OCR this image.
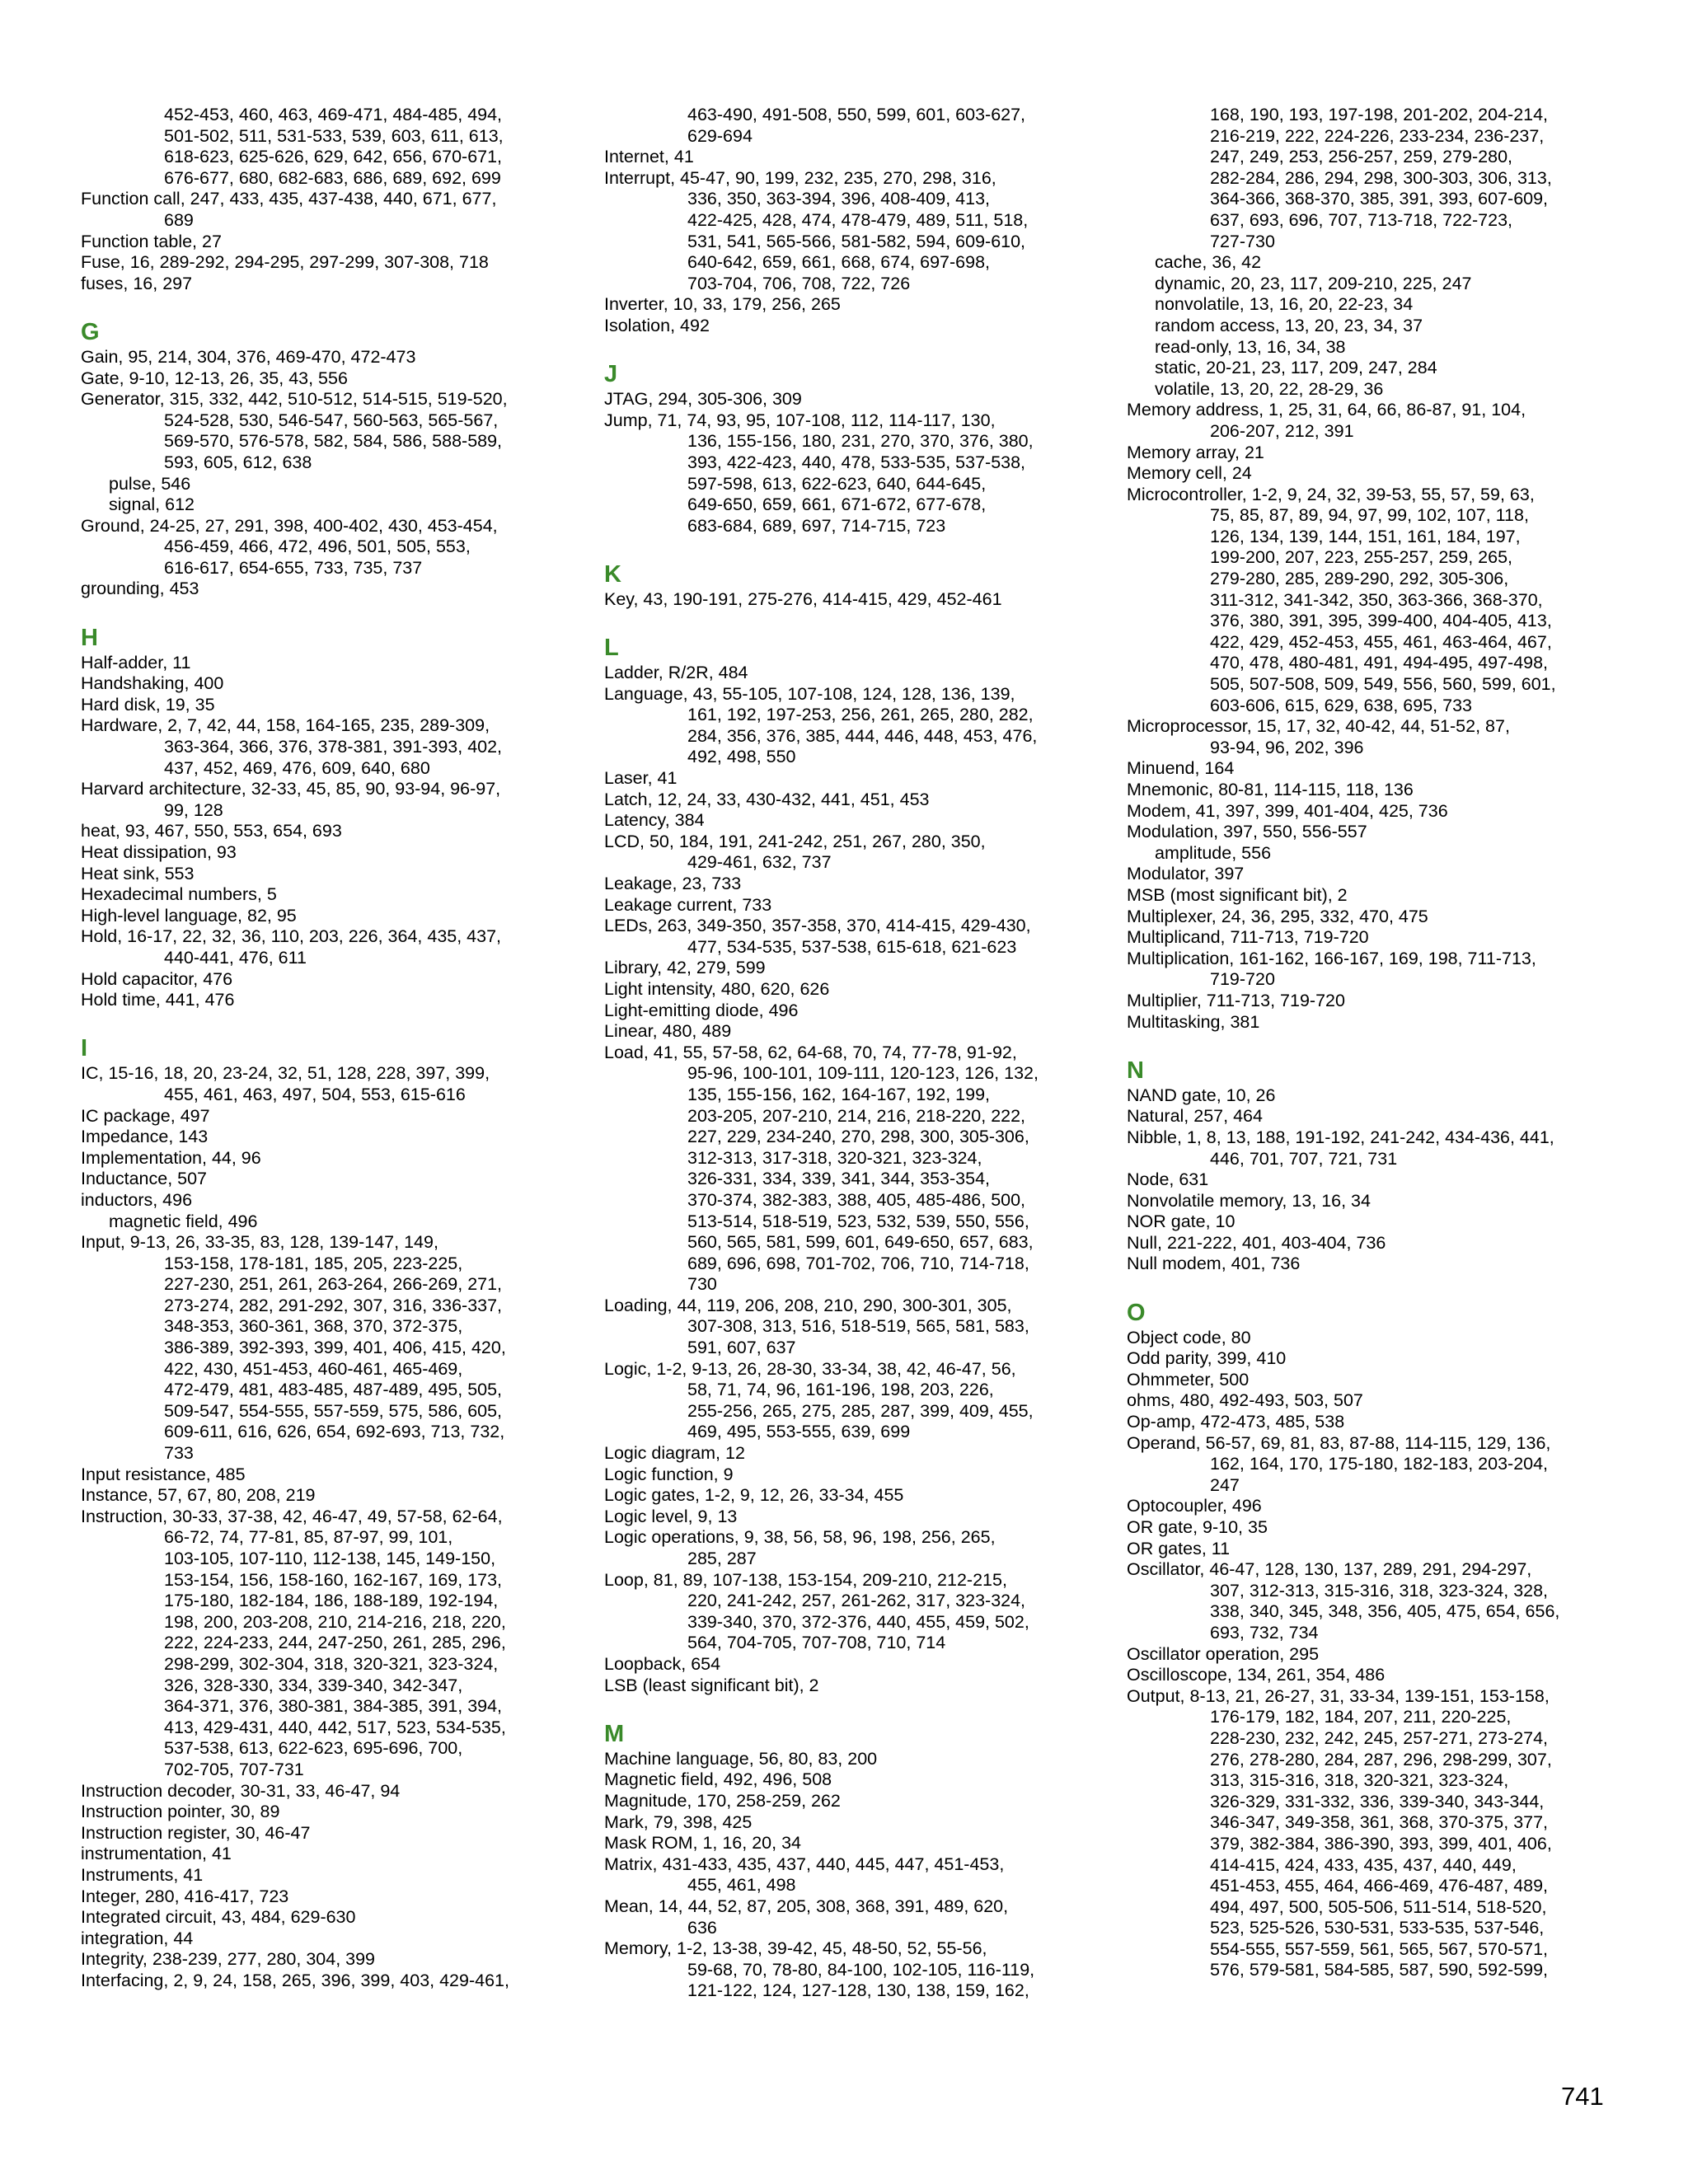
452-453, 460, 463, 469-471, 484-485, 494,
501-502, 511, 531-533, 539, 603, 611, 613,
618-623, 625-626, 629, 642, 656, 670-671,
676-677, 680, 682-683, 686, 689, 692, 699
Function call, 247, 433, 435, 437-438, 440, 671, 677,
689
Function table, 27
Fuse, 16, 289-292, 294-295, 297-299, 307-308, 718
fuses, 16, 297
G
Gain, 95, 214, 304, 376, 469-470, 472-473
Gate, 9-10, 12-13, 26, 35, 43, 556
Generator, 315, 332, 442, 510-512, 514-515, 519-520,
524-528, 530, 546-547, 560-563, 565-567,
569-570, 576-578, 582, 584, 586, 588-589,
593, 605, 612, 638
pulse, 546
signal, 612
Ground, 24-25, 27, 291, 398, 400-402, 430, 453-454,
456-459, 466, 472, 496, 501, 505, 553,
616-617, 654-655, 733, 735, 737
grounding, 453
H
Half-adder, 11
Handshaking, 400
Hard disk, 19, 35
Hardware, 2, 7, 42, 44, 158, 164-165, 235, 289-309,
363-364, 366, 376, 378-381, 391-393, 402,
437, 452, 469, 476, 609, 640, 680
Harvard architecture, 32-33, 45, 85, 90, 93-94, 96-97,
99, 128
heat, 93, 467, 550, 553, 654, 693
Heat dissipation, 93
Heat sink, 553
Hexadecimal numbers, 5
High-level language, 82, 95
Hold, 16-17, 22, 32, 36, 110, 203, 226, 364, 435, 437,
440-441, 476, 611
Hold capacitor, 476
Hold time, 441, 476
I
IC, 15-16, 18, 20, 23-24, 32, 51, 128, 228, 397, 399,
455, 461, 463, 497, 504, 553, 615-616
IC package, 497
Impedance, 143
Implementation, 44, 96
Inductance, 507
inductors, 496
magnetic field, 496
Input, 9-13, 26, 33-35, 83, 128, 139-147, 149,
153-158, 178-181, 185, 205, 223-225,
227-230, 251, 261, 263-264, 266-269, 271,
273-274, 282, 291-292, 307, 316, 336-337,
348-353, 360-361, 368, 370, 372-375,
386-389, 392-393, 399, 401, 406, 415, 420,
422, 430, 451-453, 460-461, 465-469,
472-479, 481, 483-485, 487-489, 495, 505,
509-547, 554-555, 557-559, 575, 586, 605,
609-611, 616, 626, 654, 692-693, 713, 732,
733
Input resistance, 485
Instance, 57, 67, 80, 208, 219
Instruction, 30-33, 37-38, 42, 46-47, 49, 57-58, 62-64,
66-72, 74, 77-81, 85, 87-97, 99, 101,
103-105, 107-110, 112-138, 145, 149-150,
153-154, 156, 158-160, 162-167, 169, 173,
175-180, 182-184, 186, 188-189, 192-194,
198, 200, 203-208, 210, 214-216, 218, 220,
222, 224-233, 244, 247-250, 261, 285, 296,
298-299, 302-304, 318, 320-321, 323-324,
326, 328-330, 334, 339-340, 342-347,
364-371, 376, 380-381, 384-385, 391, 394,
413, 429-431, 440, 442, 517, 523, 534-535,
537-538, 613, 622-623, 695-696, 700,
702-705, 707-731
Instruction decoder, 30-31, 33, 46-47, 94
Instruction pointer, 30, 89
Instruction register, 30, 46-47
instrumentation, 41
Instruments, 41
Integer, 280, 416-417, 723
Integrated circuit, 43, 484, 629-630
integration, 44
Integrity, 238-239, 277, 280, 304, 399
Interfacing, 2, 9, 24, 158, 265, 396, 399, 403, 429-461,
463-490, 491-508, 550, 599, 601, 603-627,
629-694
Internet, 41
Interrupt, 45-47, 90, 199, 232, 235, 270, 298, 316,
336, 350, 363-394, 396, 408-409, 413,
422-425, 428, 474, 478-479, 489, 511, 518,
531, 541, 565-566, 581-582, 594, 609-610,
640-642, 659, 661, 668, 674, 697-698,
703-704, 706, 708, 722, 726
Inverter, 10, 33, 179, 256, 265
Isolation, 492
J
JTAG, 294, 305-306, 309
Jump, 71, 74, 93, 95, 107-108, 112, 114-117, 130,
136, 155-156, 180, 231, 270, 370, 376, 380,
393, 422-423, 440, 478, 533-535, 537-538,
597-598, 613, 622-623, 640, 644-645,
649-650, 659, 661, 671-672, 677-678,
683-684, 689, 697, 714-715, 723
K
Key, 43, 190-191, 275-276, 414-415, 429, 452-461
L
Ladder, R/2R, 484
Language, 43, 55-105, 107-108, 124, 128, 136, 139,
161, 192, 197-253, 256, 261, 265, 280, 282,
284, 356, 376, 385, 444, 446, 448, 453, 476,
492, 498, 550
Laser, 41
Latch, 12, 24, 33, 430-432, 441, 451, 453
Latency, 384
LCD, 50, 184, 191, 241-242, 251, 267, 280, 350,
429-461, 632, 737
Leakage, 23, 733
Leakage current, 733
LEDs, 263, 349-350, 357-358, 370, 414-415, 429-430,
477, 534-535, 537-538, 615-618, 621-623
Library, 42, 279, 599
Light intensity, 480, 620, 626
Light-emitting diode, 496
Linear, 480, 489
Load, 41, 55, 57-58, 62, 64-68, 70, 74, 77-78, 91-92,
95-96, 100-101, 109-111, 120-123, 126, 132,
135, 155-156, 162, 164-167, 192, 199,
203-205, 207-210, 214, 216, 218-220, 222,
227, 229, 234-240, 270, 298, 300, 305-306,
312-313, 317-318, 320-321, 323-324,
326-331, 334, 339, 341, 344, 353-354,
370-374, 382-383, 388, 405, 485-486, 500,
513-514, 518-519, 523, 532, 539, 550, 556,
560, 565, 581, 599, 601, 649-650, 657, 683,
689, 696, 698, 701-702, 706, 710, 714-718,
730
Loading, 44, 119, 206, 208, 210, 290, 300-301, 305,
307-308, 313, 516, 518-519, 565, 581, 583,
591, 607, 637
Logic, 1-2, 9-13, 26, 28-30, 33-34, 38, 42, 46-47, 56,
58, 71, 74, 96, 161-196, 198, 203, 226,
255-256, 265, 275, 285, 287, 399, 409, 455,
469, 495, 553-555, 639, 699
Logic diagram, 12
Logic function, 9
Logic gates, 1-2, 9, 12, 26, 33-34, 455
Logic level, 9, 13
Logic operations, 9, 38, 56, 58, 96, 198, 256, 265,
285, 287
Loop, 81, 89, 107-138, 153-154, 209-210, 212-215,
220, 241-242, 257, 261-262, 317, 323-324,
339-340, 370, 372-376, 440, 455, 459, 502,
564, 704-705, 707-708, 710, 714
Loopback, 654
LSB (least significant bit), 2
M
Machine language, 56, 80, 83, 200
Magnetic field, 492, 496, 508
Magnitude, 170, 258-259, 262
Mark, 79, 398, 425
Mask ROM, 1, 16, 20, 34
Matrix, 431-433, 435, 437, 440, 445, 447, 451-453,
455, 461, 498
Mean, 14, 44, 52, 87, 205, 308, 368, 391, 489, 620,
636
Memory, 1-2, 13-38, 39-42, 45, 48-50, 52, 55-56,
59-68, 70, 78-80, 84-100, 102-105, 116-119,
121-122, 124, 127-128, 130, 138, 159, 162,
168, 190, 193, 197-198, 201-202, 204-214,
216-219, 222, 224-226, 233-234, 236-237,
247, 249, 253, 256-257, 259, 279-280,
282-284, 286, 294, 298, 300-303, 306, 313,
364-366, 368-370, 385, 391, 393, 607-609,
637, 693, 696, 707, 713-718, 722-723,
727-730
cache, 36, 42
dynamic, 20, 23, 117, 209-210, 225, 247
nonvolatile, 13, 16, 20, 22-23, 34
random access, 13, 20, 23, 34, 37
read-only, 13, 16, 34, 38
static, 20-21, 23, 117, 209, 247, 284
volatile, 13, 20, 22, 28-29, 36
Memory address, 1, 25, 31, 64, 66, 86-87, 91, 104,
206-207, 212, 391
Memory array, 21
Memory cell, 24
Microcontroller, 1-2, 9, 24, 32, 39-53, 55, 57, 59, 63,
75, 85, 87, 89, 94, 97, 99, 102, 107, 118,
126, 134, 139, 144, 151, 161, 184, 197,
199-200, 207, 223, 255-257, 259, 265,
279-280, 285, 289-290, 292, 305-306,
311-312, 341-342, 350, 363-366, 368-370,
376, 380, 391, 395, 399-400, 404-405, 413,
422, 429, 452-453, 455, 461, 463-464, 467,
470, 478, 480-481, 491, 494-495, 497-498,
505, 507-508, 509, 549, 556, 560, 599, 601,
603-606, 615, 629, 638, 695, 733
Microprocessor, 15, 17, 32, 40-42, 44, 51-52, 87,
93-94, 96, 202, 396
Minuend, 164
Mnemonic, 80-81, 114-115, 118, 136
Modem, 41, 397, 399, 401-404, 425, 736
Modulation, 397, 550, 556-557
amplitude, 556
Modulator, 397
MSB (most significant bit), 2
Multiplexer, 24, 36, 295, 332, 470, 475
Multiplicand, 711-713, 719-720
Multiplication, 161-162, 166-167, 169, 198, 711-713,
719-720
Multiplier, 711-713, 719-720
Multitasking, 381
N
NAND gate, 10, 26
Natural, 257, 464
Nibble, 1, 8, 13, 188, 191-192, 241-242, 434-436, 441,
446, 701, 707, 721, 731
Node, 631
Nonvolatile memory, 13, 16, 34
NOR gate, 10
Null, 221-222, 401, 403-404, 736
Null modem, 401, 736
O
Object code, 80
Odd parity, 399, 410
Ohmmeter, 500
ohms, 480, 492-493, 503, 507
Op-amp, 472-473, 485, 538
Operand, 56-57, 69, 81, 83, 87-88, 114-115, 129, 136,
162, 164, 170, 175-180, 182-183, 203-204,
247
Optocoupler, 496
OR gate, 9-10, 35
OR gates, 11
Oscillator, 46-47, 128, 130, 137, 289, 291, 294-297,
307, 312-313, 315-316, 318, 323-324, 328,
338, 340, 345, 348, 356, 405, 475, 654, 656,
693, 732, 734
Oscillator operation, 295
Oscilloscope, 134, 261, 354, 486
Output, 8-13, 21, 26-27, 31, 33-34, 139-151, 153-158,
176-179, 182, 184, 207, 211, 220-225,
228-230, 232, 242, 245, 257-271, 273-274,
276, 278-280, 284, 287, 296, 298-299, 307,
313, 315-316, 318, 320-321, 323-324,
326-329, 331-332, 336, 339-340, 343-344,
346-347, 349-358, 361, 368, 370-375, 377,
379, 382-384, 386-390, 393, 399, 401, 406,
414-415, 424, 433, 435, 437, 440, 449,
451-453, 455, 464, 466-469, 476-487, 489,
494, 497, 500, 505-506, 511-514, 518-520,
523, 525-526, 530-531, 533-535, 537-546,
554-555, 557-559, 561, 565, 567, 570-571,
576, 579-581, 584-585, 587, 590, 592-599,
741
